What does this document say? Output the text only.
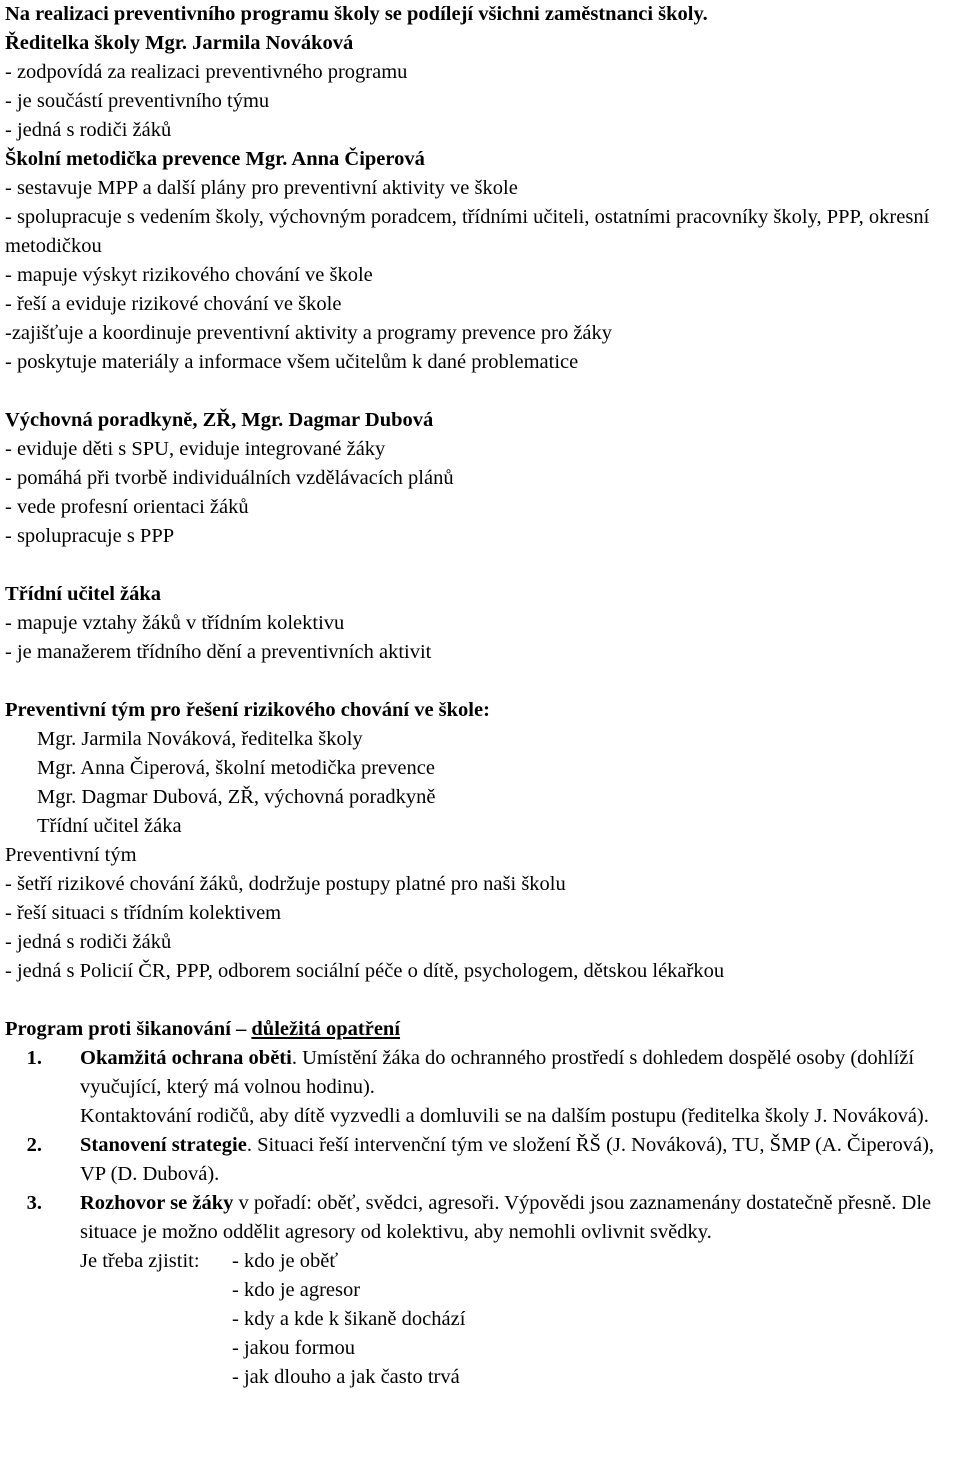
Na realizaci preventivního programu školy se podílejí všichni zaměstnanci školy.

Ředitelka školy Mgr. Jarmila Nováková

- zodpovídá za realizaci preventivného programu

- je součástí preventivního týmu

- jedná s rodiči žáků

Školní metodička prevence Mgr. Anna Čiperová

- sestavuje MPP a další plány pro preventivní aktivity ve škole

- spolupracuje s vedením školy, výchovným poradcem, třídními učiteli, ostatními pracovníky školy, PPP, okresní metodičkou

- mapuje výskyt rizikového chování ve škole

- řeší a eviduje rizikové chování ve škole

-zajišťuje a koordinuje preventivní aktivity a programy prevence pro žáky

- poskytuje materiály a informace všem učitelům k dané problematice

Výchovná poradkyně, ZŘ, Mgr. Dagmar Dubová

- eviduje děti s SPU, eviduje integrované žáky

- pomáhá při tvorbě individuálních vzdělávacích plánů

- vede profesní orientaci žáků

- spolupracuje s PPP

Třídní učitel žáka

- mapuje vztahy žáků v třídním kolektivu

- je manažerem třídního dění a preventivních aktivit

Preventivní tým pro řešení rizikového chování ve škole:

Mgr. Jarmila Nováková, ředitelka školy

Mgr. Anna Čiperová, školní metodička prevence

Mgr. Dagmar Dubová, ZŘ, výchovná poradkyně

Třídní učitel žáka

Preventivní tým

- šetří rizikové chování žáků, dodržuje postupy platné pro naši školu

- řeší situaci s třídním kolektivem

- jedná s rodiči žáků

- jedná s Policií ČR, PPP, odborem sociální péče o dítě, psychologem, dětskou lékařkou

Program proti šikanování – důležitá opatření

1.	Okamžitá ochrana oběti. Umístění žáka do ochranného prostředí s dohledem dospělé osoby (dohlíží vyučující, který má volnou hodinu).

Kontaktování rodičů, aby dítě vyzvedli a domluvili se na dalším postupu (ředitelka školy J. Nováková).

2.	Stanovení strategie. Situaci řeší intervenční tým ve složení ŘŠ (J. Nováková), TU, ŠMP (A. Čiperová), VP (D. Dubová).

3.	Rozhovor se žáky v pořadí: oběť, svědci, agresoři. Výpovědi jsou zaznamenány dostatečně přesně. Dle situace je možno oddělit agresory od kolektivu, aby nemohli ovlivnit svědky.

Je třeba zjistit:	- kdo je oběť
- kdo je agresor
- kdy a kde k šikaně dochází
- jakou formou
- jak dlouho a jak často trvá
